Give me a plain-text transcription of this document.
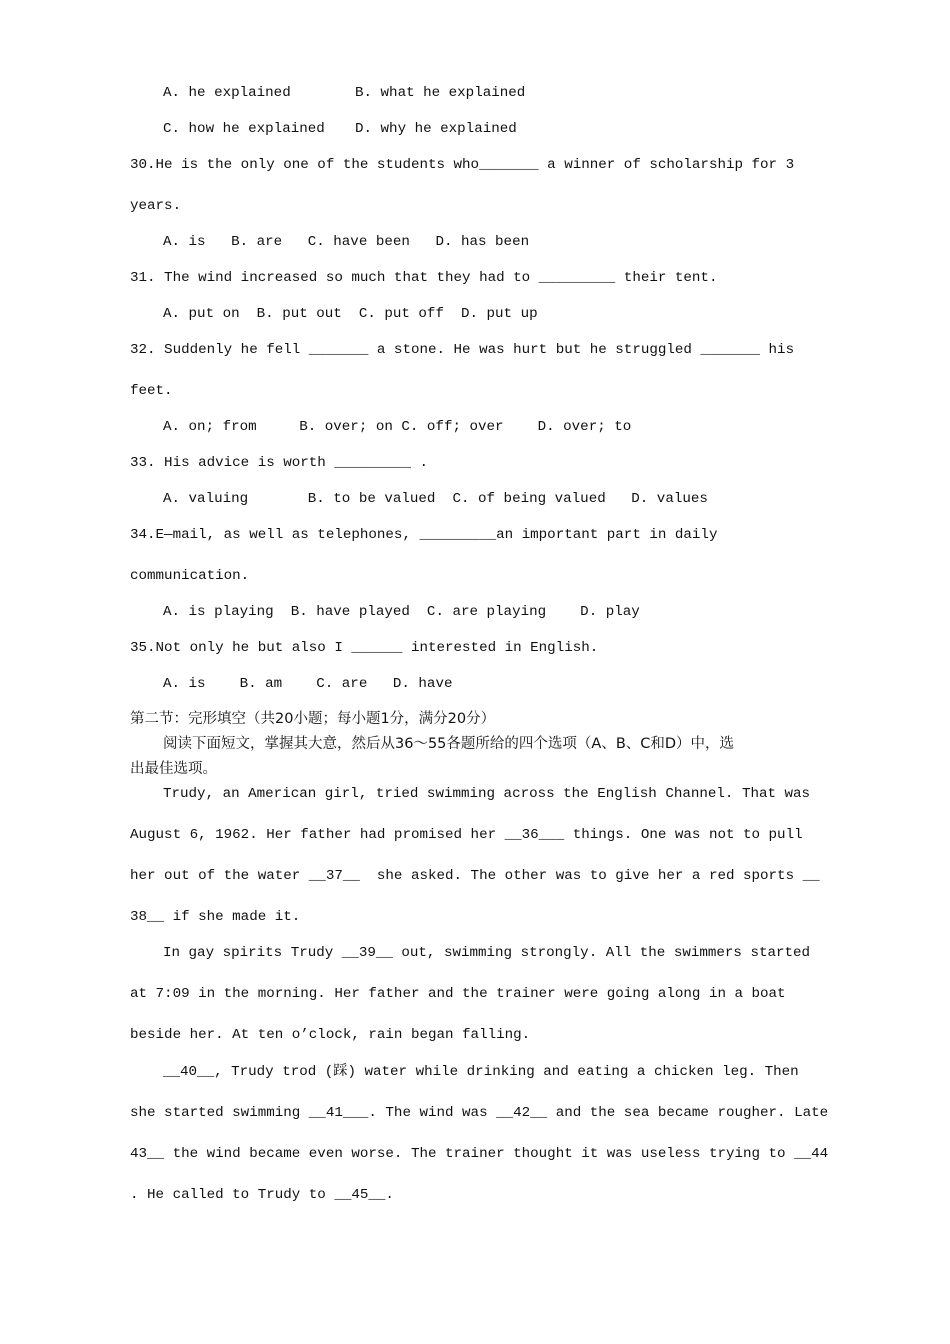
A. he explained	B. what he explained
C. how he explained D. why he explained
30.He is the only one of the students who_______ a winner of scholarship for 3
years.
A. is   B. are   C. have been   D. has been
31. The wind increased so much that they had to _________ their tent.
A. put on  B. put out  C. put off  D. put up
32. Suddenly he fell _______ a stone. He was hurt but he struggled _______ his
feet.
A. on; from     B. over; on C. off; over    D. over; to
33. His advice is worth _________ .
A. valuing       B. to be valued  C. of being valued   D. values
34.E—mail, as well as telephones, _________an important part in daily
communication.
A. is playing  B. have played  C. are playing    D. play
35.Not only he but also I ______ interested in English.
A. is    B. am    C. are   D. have
第二节：完形填空（共20小题；每小题1分，满分20分）
阅读下面短文，掌握其大意，然后从36～55各题所给的四个选项（A、B、C和D）中，选
出最佳选项。
Trudy, an American girl, tried swimming across the English Channel. That was
August 6, 1962. Her father had promised her __36___ things. One was not to pull
her out of the water __37__  she asked. The other was to give her a red sports __
38__ if she made it.
In gay spirits Trudy __39__ out, swimming strongly. All the swimmers started
at 7:09 in the morning. Her father and the trainer were going along in a boat
beside her. At ten o’clock, rain began falling.
__40__, Trudy trod (踩) water while drinking and eating a chicken leg. Then
she started swimming __41___. The wind was __42__ and the sea became rougher. Late
43__ the wind became even worse. The trainer thought it was useless trying to __44
. He called to Trudy to __45__.
